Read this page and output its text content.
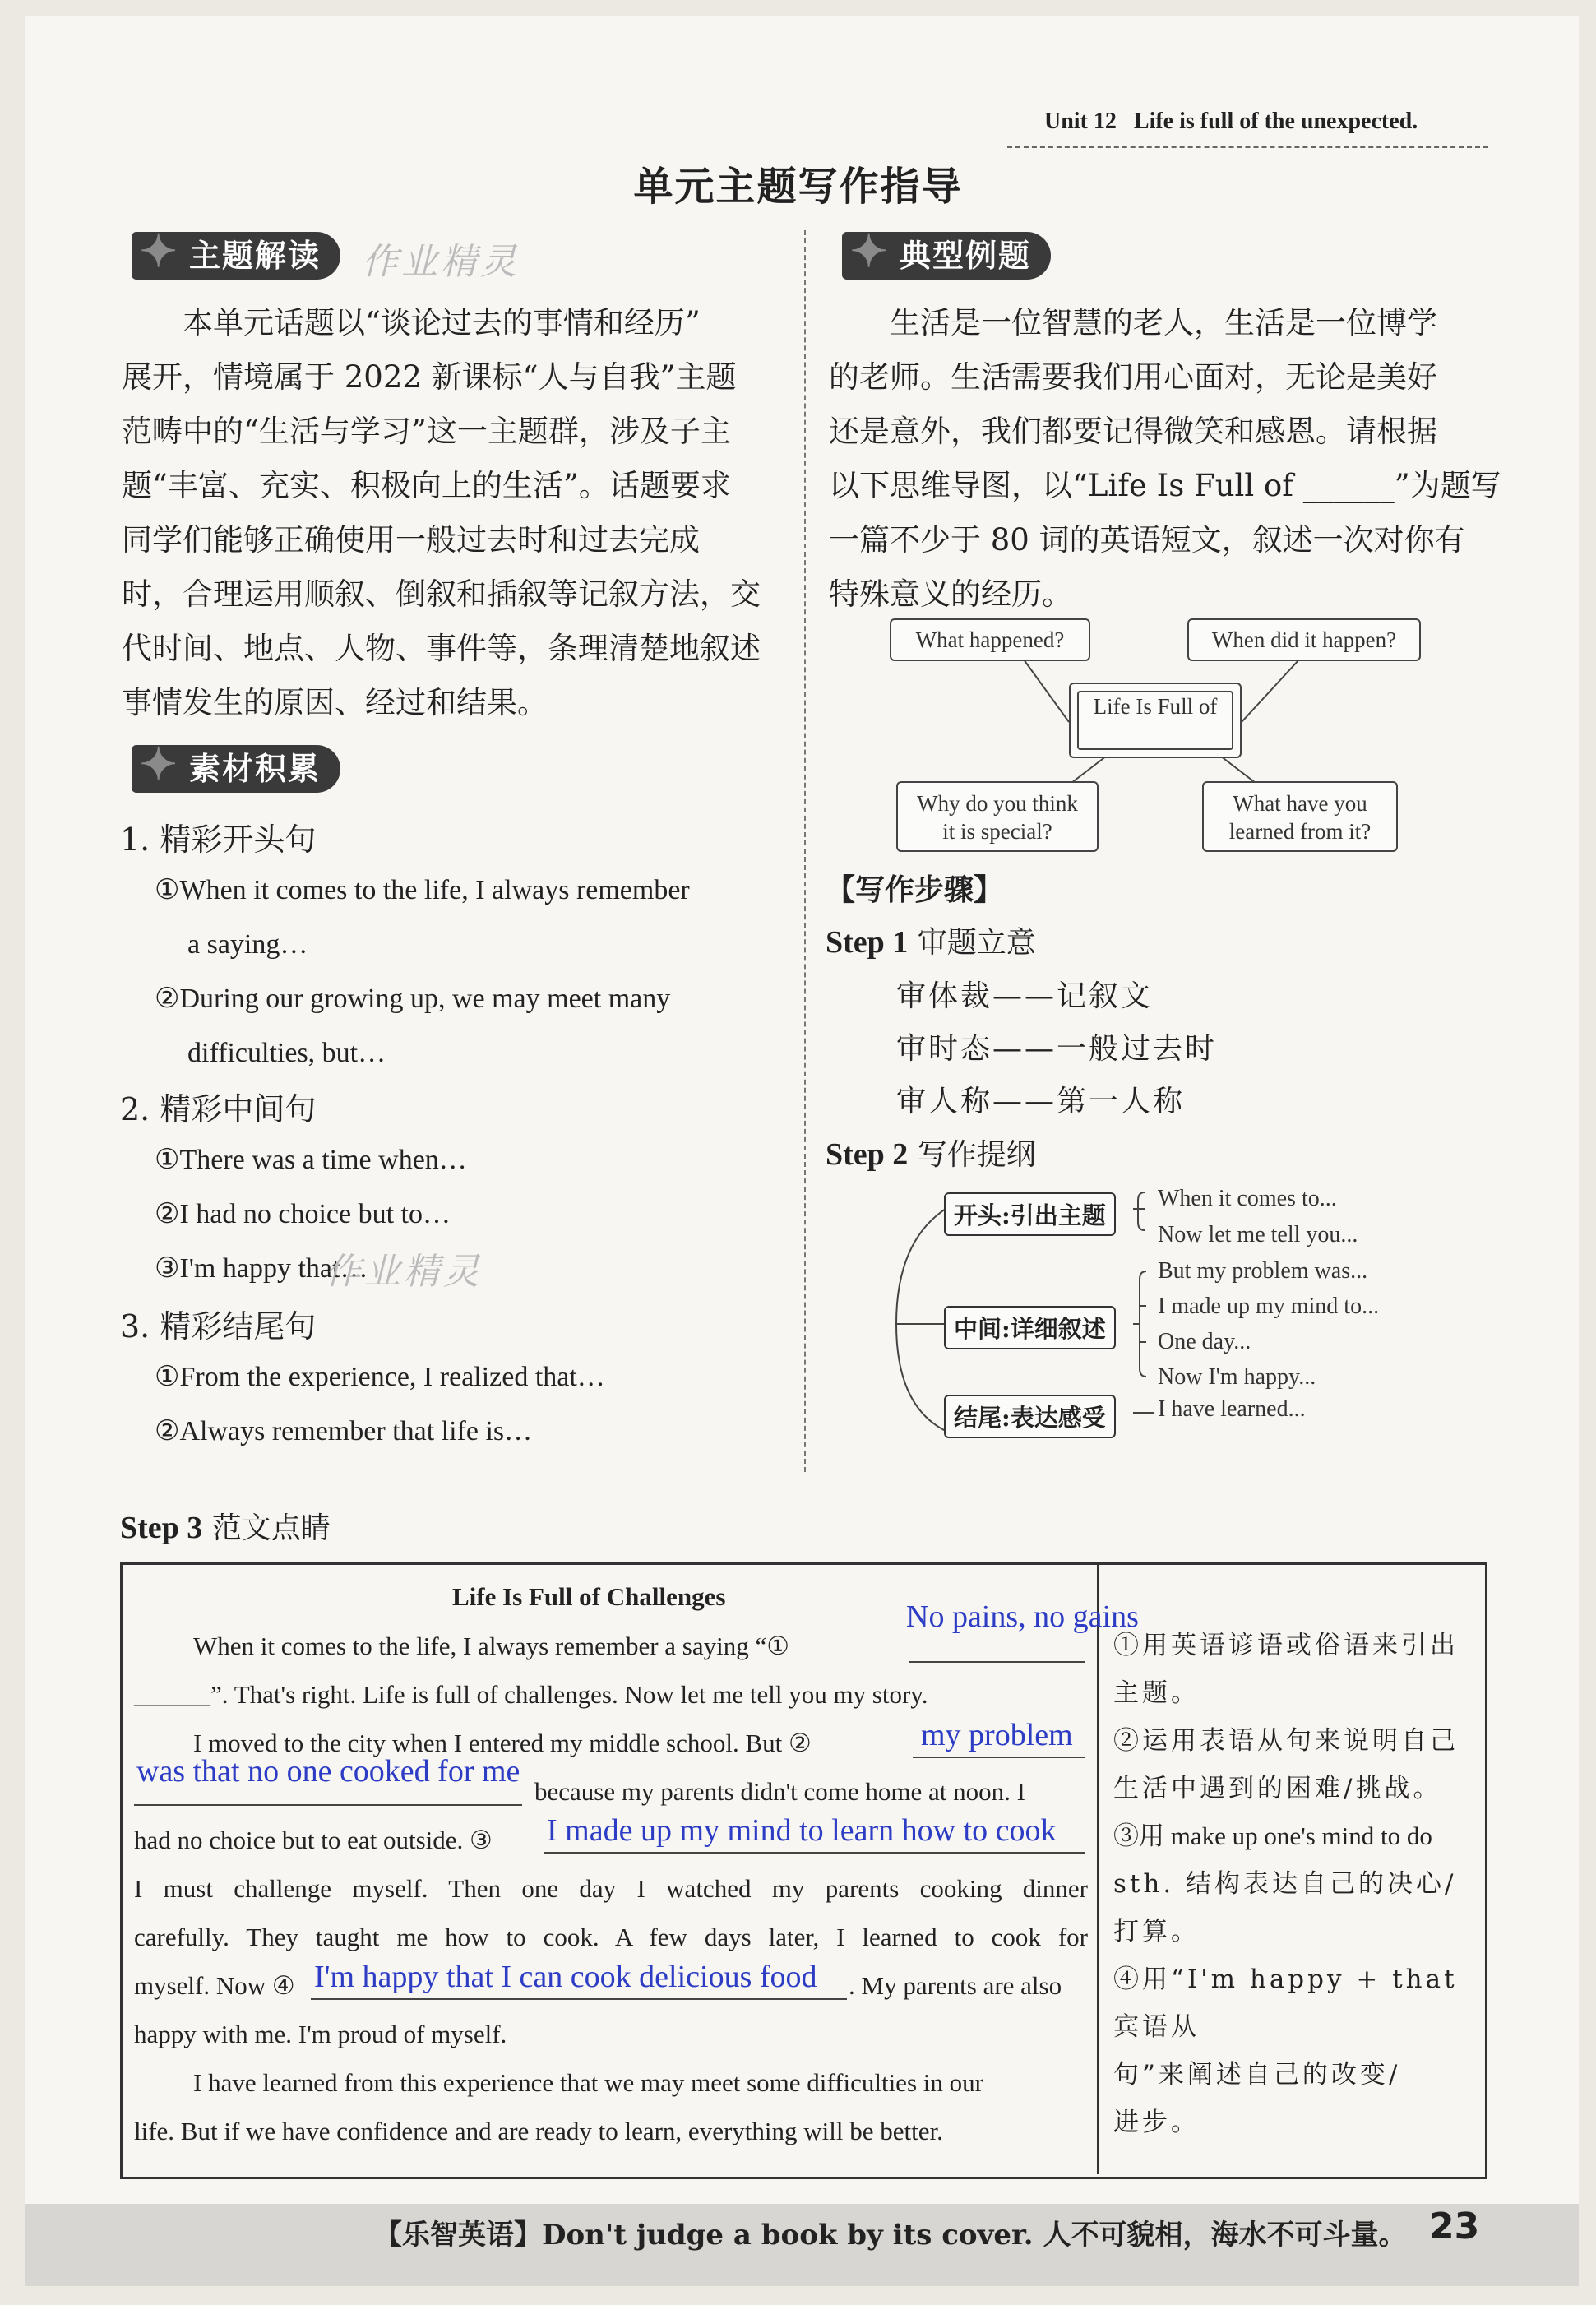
Unit 12 Life is full of the unexpected.
单元主题写作指导
✦ 主题解读	作业精灵
本单元话题以“谈论过去的事情和经历”
展开，情境属于 2022 新课标“人与自我”主题
范畴中的“生活与学习”这一主题群，涉及子主
题“丰富、充实、积极向上的生活”。话题要求
同学们能够正确使用一般过去时和过去完成
时，合理运用顺叙、倒叙和插叙等记叙方法，交
代时间、地点、人物、事件等，条理清楚地叙述
事情发生的原因、经过和结果。
✦ 素材积累
1. 精彩开头句
①When it comes to the life, I always remember
a saying…
②During our growing up, we may meet many
difficulties, but…
2. 精彩中间句
①There was a time when…
②I had no choice but to…
③I'm happy that…
作业精灵
3. 精彩结尾句
①From the experience, I realized that…
②Always remember that life is…
✦ 典型例题
生活是一位智慧的老人，生活是一位博学
的老师。生活需要我们用心面对，无论是美好
还是意外，我们都要记得微笑和感恩。请根据
以下思维导图，以“Life Is Full of ______”为题写
一篇不少于 80 词的英语短文，叙述一次对你有
特殊意义的经历。
What happened?	When did it happen?
Life Is Full of
Why do you think
it is special?
What have you
learned from it?
【写作步骤】
Step 1 审题立意
审体裁——记叙文
审时态——一般过去时
审人称——第一人称
Step 2 写作提纲
开头:引出主题
When it comes to...
Now let me tell you...
中间:详细叙述
But my problem was...
I made up my mind to...
One day...
Now I'm happy...
结尾:表达感受	I have learned...
Step 3 范文点睛
Life Is Full of Challenges
No pains, no gains
When it comes to the life, I always remember a saying “①
______”. That's right. Life is full of challenges. Now let me tell you my story.
I moved to the city when I entered my middle school. But ②	my problem
was that no one cooked for me
because my parents didn't come home at noon. I
had no choice but to eat outside. ③ I made up my mind to learn how to cook
I must challenge myself. Then one day I watched my parents cooking dinner
carefully. They taught me how to cook. A few days later, I learned to cook for
myself. Now ④ I'm happy that I can cook delicious food . My parents are also
happy with me. I'm proud of myself.
I have learned from this experience that we may meet some difficulties in our
life. But if we have confidence and are ready to learn, everything will be better.
①用英语谚语或俗语来引出
主题。
②运用表语从句来说明自己
生活中遇到的困难/挑战。
③用 make up one's mind to do
sth. 结构表达自己的决心/
打算。
④用“I'm happy + that 宾语从
句”来阐述自己的改变/
进步。
【乐智英语】Don't judge a book by its cover. 人不可貌相，海水不可斗量。 23
